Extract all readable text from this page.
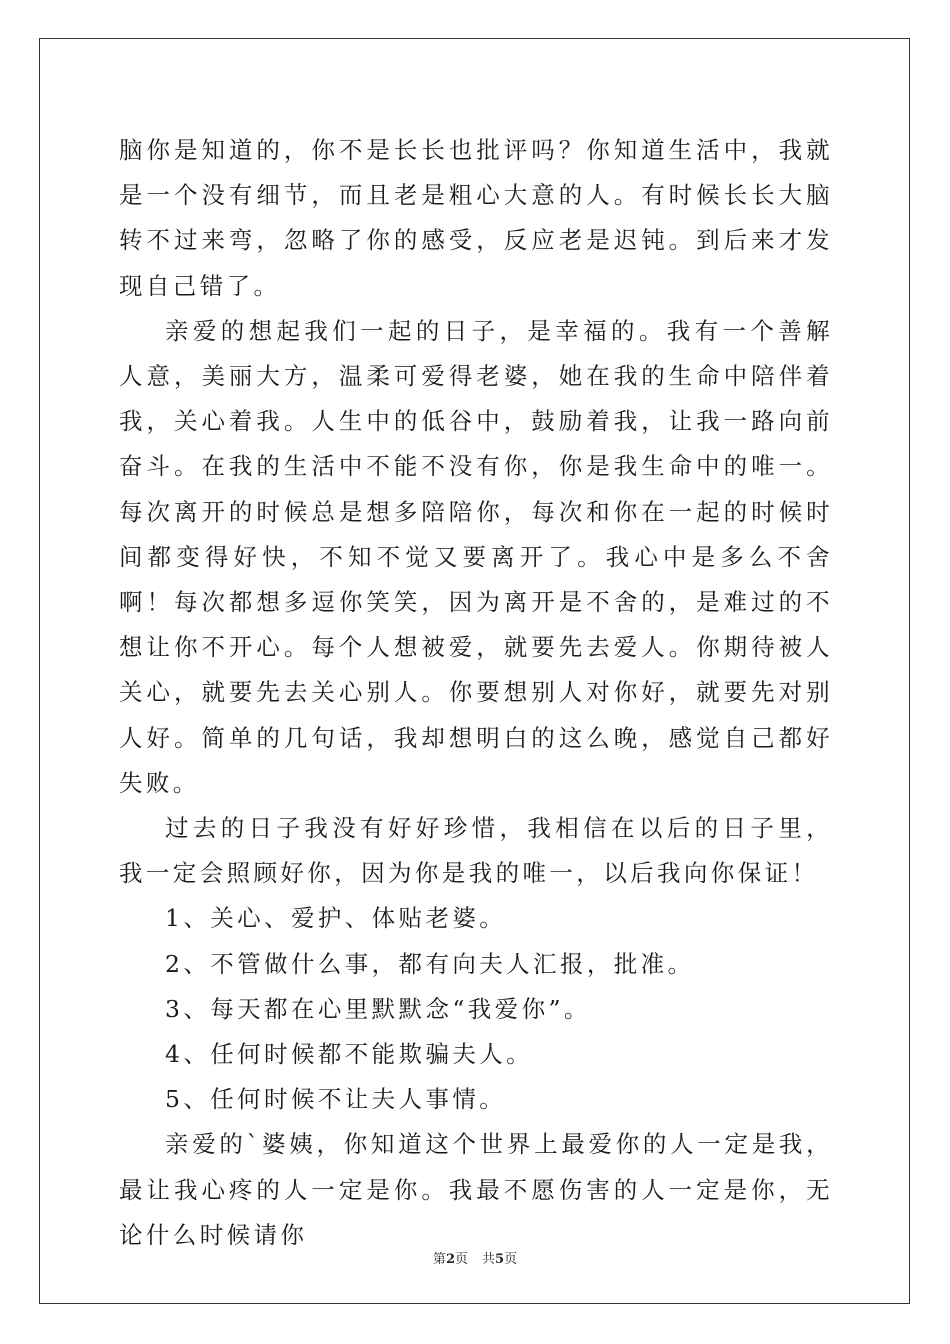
脑你是知道的，你不是长长也批评吗？你知道生活中，我就是一个没有细节，而且老是粗心大意的人。有时候长长大脑转不过来弯，忽略了你的感受，反应老是迟钝。到后来才发现自己错了。

亲爱的想起我们一起的日子，是幸福的。我有一个善解人意，美丽大方，温柔可爱得老婆，她在我的生命中陪伴着我，关心着我。人生中的低谷中，鼓励着我，让我一路向前奋斗。在我的生活中不能不没有你，你是我生命中的唯一。每次离开的时候总是想多陪陪你，每次和你在一起的时候时间都变得好快，不知不觉又要离开了。我心中是多么不舍啊！每次都想多逗你笑笑，因为离开是不舍的，是难过的不想让你不开心。每个人想被爱，就要先去爱人。你期待被人关心，就要先去关心别人。你要想别人对你好，就要先对别人好。简单的几句话，我却想明白的这么晚，感觉自己都好失败。

过去的日子我没有好好珍惜，我相信在以后的日子里，我一定会照顾好你，因为你是我的唯一，以后我向你保证！

1、关心、爱护、体贴老婆。

2、不管做什么事，都有向夫人汇报，批准。

3、每天都在心里默默念“我爱你”。

4、任何时候都不能欺骗夫人。

5、任何时候不让夫人事情。

亲爱的`婆姨，你知道这个世界上最爱你的人一定是我，最让我心疼的人一定是你。我最不愿伤害的人一定是你，无论什么时候请你

第2页 共5页
